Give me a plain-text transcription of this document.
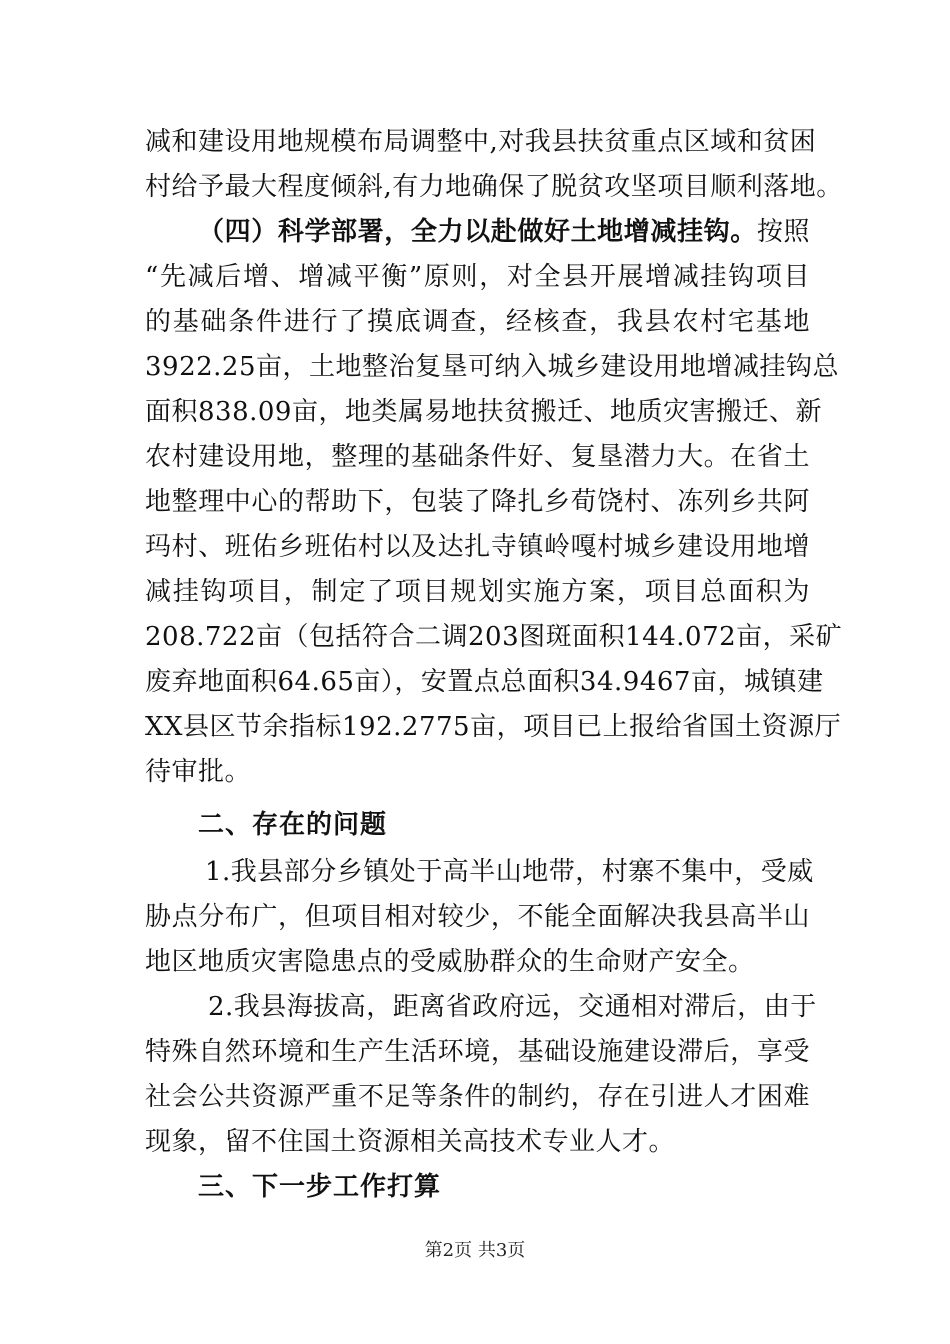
减和建设用地规模布局调整中,对我县扶贫重点区域和贫困
村给予最大程度倾斜,有力地确保了脱贫攻坚项目顺利落地。
（四）科学部署，全力以赴做好土地增减挂钩。按照
“先减后增、增减平衡”原则，对全县开展增减挂钩项目
的基础条件进行了摸底调查，经核查，我县农村宅基地
3922.25亩，土地整治复垦可纳入城乡建设用地增减挂钩总
面积838.09亩，地类属易地扶贫搬迁、地质灾害搬迁、新
农村建设用地，整理的基础条件好、复垦潜力大。在省土
地整理中心的帮助下，包装了降扎乡荀饶村、冻列乡共阿
玛村、班佑乡班佑村以及达扎寺镇岭嘎村城乡建设用地增
减挂钩项目，制定了项目规划实施方案，项目总面积为
208.722亩（包括符合二调203图斑面积144.072亩，采矿
废弃地面积64.65亩），安置点总面积34.9467亩，城镇建
XX县区节余指标192.2775亩，项目已上报给省国土资源厅
待审批。
二、存在的问题
1.我县部分乡镇处于高半山地带，村寨不集中，受威
胁点分布广，但项目相对较少，不能全面解决我县高半山
地区地质灾害隐患点的受威胁群众的生命财产安全。
2.我县海拔高，距离省政府远，交通相对滞后，由于
特殊自然环境和生产生活环境，基础设施建设滞后，享受
社会公共资源严重不足等条件的制约，存在引进人才困难
现象，留不住国土资源相关高技术专业人才。
三、下一步工作打算
第2页 共3页
